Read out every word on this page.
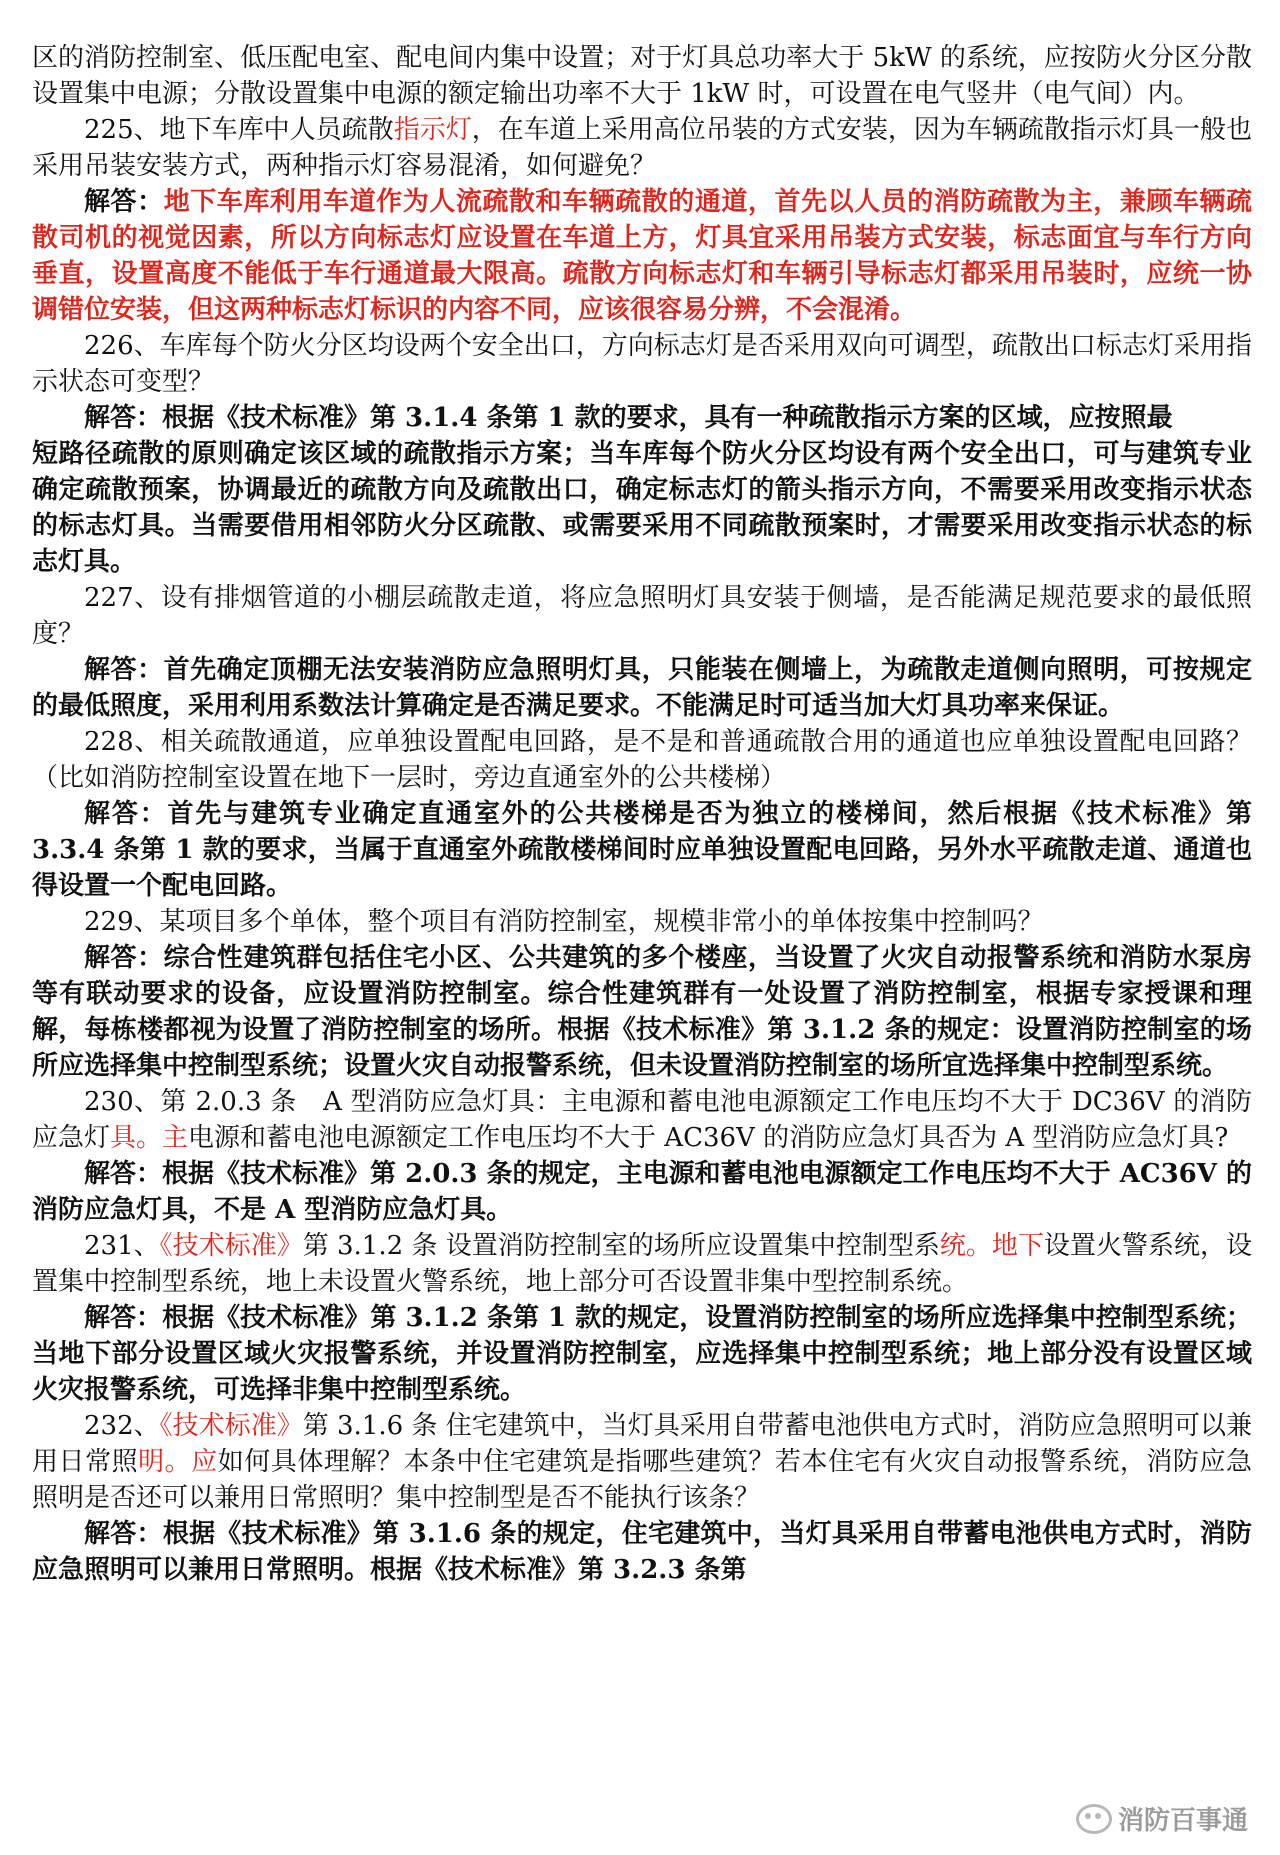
区的消防控制室、低压配电室、配电间内集中设置；对于灯具总功率大于 5kW 的系统，应按防火分区分散设置集中电源；分散设置集中电源的额定输出功率不大于 1kW 时，可设置在电气竖井（电气间）内。

225、地下车库中人员疏散指示灯，在车道上采用高位吊装的方式安装，因为车辆疏散指示灯具一般也采用吊装安装方式，两种指示灯容易混淆，如何避免？

解答：地下车库利用车道作为人流疏散和车辆疏散的通道，首先以人员的消防疏散为主，兼顾车辆疏散司机的视觉因素，所以方向标志灯应设置在车道上方，灯具宜采用吊装方式安装，标志面宜与车行方向垂直，设置高度不能低于车行通道最大限高。疏散方向标志灯和车辆引导标志灯都采用吊装时，应统一协调错位安装，但这两种标志灯标识的内容不同，应该很容易分辨，不会混淆。

226、车库每个防火分区均设两个安全出口，方向标志灯是否采用双向可调型，疏散出口标志灯采用指示状态可变型？

解答：根据《技术标准》第 3.1.4 条第 1 款的要求，具有一种疏散指示方案的区域，应按照最

短路径疏散的原则确定该区域的疏散指示方案；当车库每个防火分区均设有两个安全出口，可与建筑专业确定疏散预案，协调最近的疏散方向及疏散出口，确定标志灯的箭头指示方向，不需要采用改变指示状态的标志灯具。当需要借用相邻防火分区疏散、或需要采用不同疏散预案时，才需要采用改变指示状态的标志灯具。

227、设有排烟管道的小棚层疏散走道，将应急照明灯具安装于侧墙，是否能满足规范要求的最低照度？

解答：首先确定顶棚无法安装消防应急照明灯具，只能装在侧墙上，为疏散走道侧向照明，可按规定的最低照度，采用利用系数法计算确定是否满足要求。不能满足时可适当加大灯具功率来保证。

228、相关疏散通道，应单独设置配电回路，是不是和普通疏散合用的通道也应单独设置配电回路？（比如消防控制室设置在地下一层时，旁边直通室外的公共楼梯）

解答：首先与建筑专业确定直通室外的公共楼梯是否为独立的楼梯间，然后根据《技术标准》第 3.3.4 条第 1 款的要求，当属于直通室外疏散楼梯间时应单独设置配电回路，另外水平疏散走道、通道也得设置一个配电回路。

229、某项目多个单体，整个项目有消防控制室，规模非常小的单体按集中控制吗？

解答：综合性建筑群包括住宅小区、公共建筑的多个楼座，当设置了火灾自动报警系统和消防水泵房等有联动要求的设备，应设置消防控制室。综合性建筑群有一处设置了消防控制室，根据专家授课和理解，每栋楼都视为设置了消防控制室的场所。根据《技术标准》第 3.1.2 条的规定：设置消防控制室的场所应选择集中控制型系统；设置火灾自动报警系统，但未设置消防控制室的场所宜选择集中控制型系统。

230、第 2.0.3 条　A 型消防应急灯具：主电源和蓄电池电源额定工作电压均不大于 DC36V 的消防应急灯具。主电源和蓄电池电源额定工作电压均不大于 AC36V 的消防应急灯具否为 A 型消防应急灯具?

解答：根据《技术标准》第 2.0.3 条的规定，主电源和蓄电池电源额定工作电压均不大于 AC36V 的消防应急灯具，不是 A 型消防应急灯具。

231、《技术标准》第 3.1.2 条 设置消防控制室的场所应设置集中控制型系统。地下设置火警系统，设置集中控制型系统，地上未设置火警系统，地上部分可否设置非集中型控制系统。

解答：根据《技术标准》第 3.1.2 条第 1 款的规定，设置消防控制室的场所应选择集中控制型系统；当地下部分设置区域火灾报警系统，并设置消防控制室，应选择集中控制型系统；地上部分没有设置区域火灾报警系统，可选择非集中控制型系统。

232、《技术标准》第 3.1.6 条 住宅建筑中，当灯具采用自带蓄电池供电方式时，消防应急照明可以兼用日常照明。应如何具体理解？本条中住宅建筑是指哪些建筑？若本住宅有火灾自动报警系统，消防应急照明是否还可以兼用日常照明？集中控制型是否不能执行该条？

解答：根据《技术标准》第 3.1.6 条的规定，住宅建筑中，当灯具采用自带蓄电池供电方式时，消防应急照明可以兼用日常照明。根据《技术标准》第 3.2.3 条第

消防百事通
